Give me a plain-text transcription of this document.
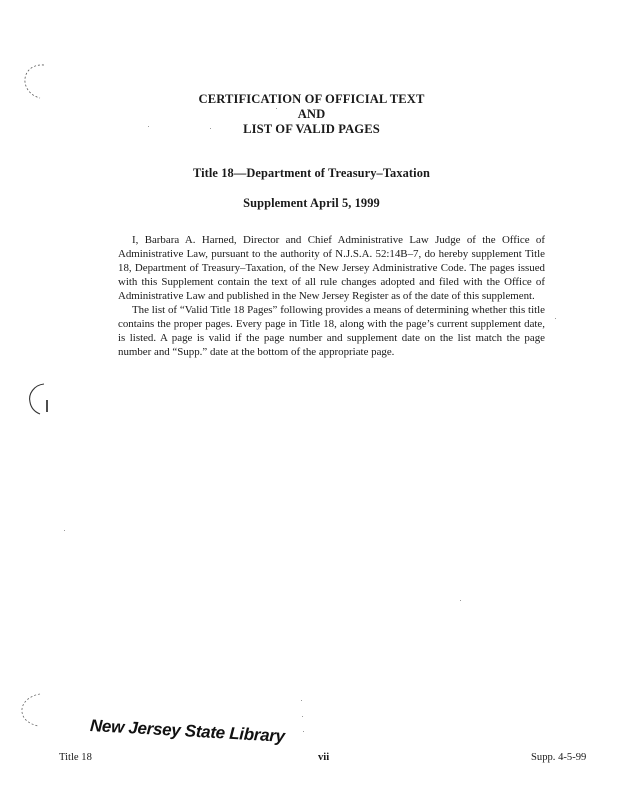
CERTIFICATION OF OFFICIAL TEXT
AND
LIST OF VALID PAGES
Title 18—Department of Treasury–Taxation
Supplement April 5, 1999

I, Barbara A. Harned, Director and Chief Administrative Law Judge of the Office of Administrative Law, pursuant to the authority of N.J.S.A. 52:14B–7, do hereby supplement Title 18, Department of Treasury–Taxation, of the New Jersey Administrative Code. The pages issued with this Supplement contain the text of all rule changes adopted and filed with the Office of Administrative Law and published in the New Jersey Register as of the date of this supplement.

The list of “Valid Title 18 Pages” following provides a means of determining whether this title contains the proper pages. Every page in Title 18, along with the page’s current supplement date, is listed. A page is valid if the page number and supplement date on the list match the page number and “Supp.” date at the bottom of the appropriate page.

New Jersey State Library
Title 18	vii	Supp. 4-5-99
